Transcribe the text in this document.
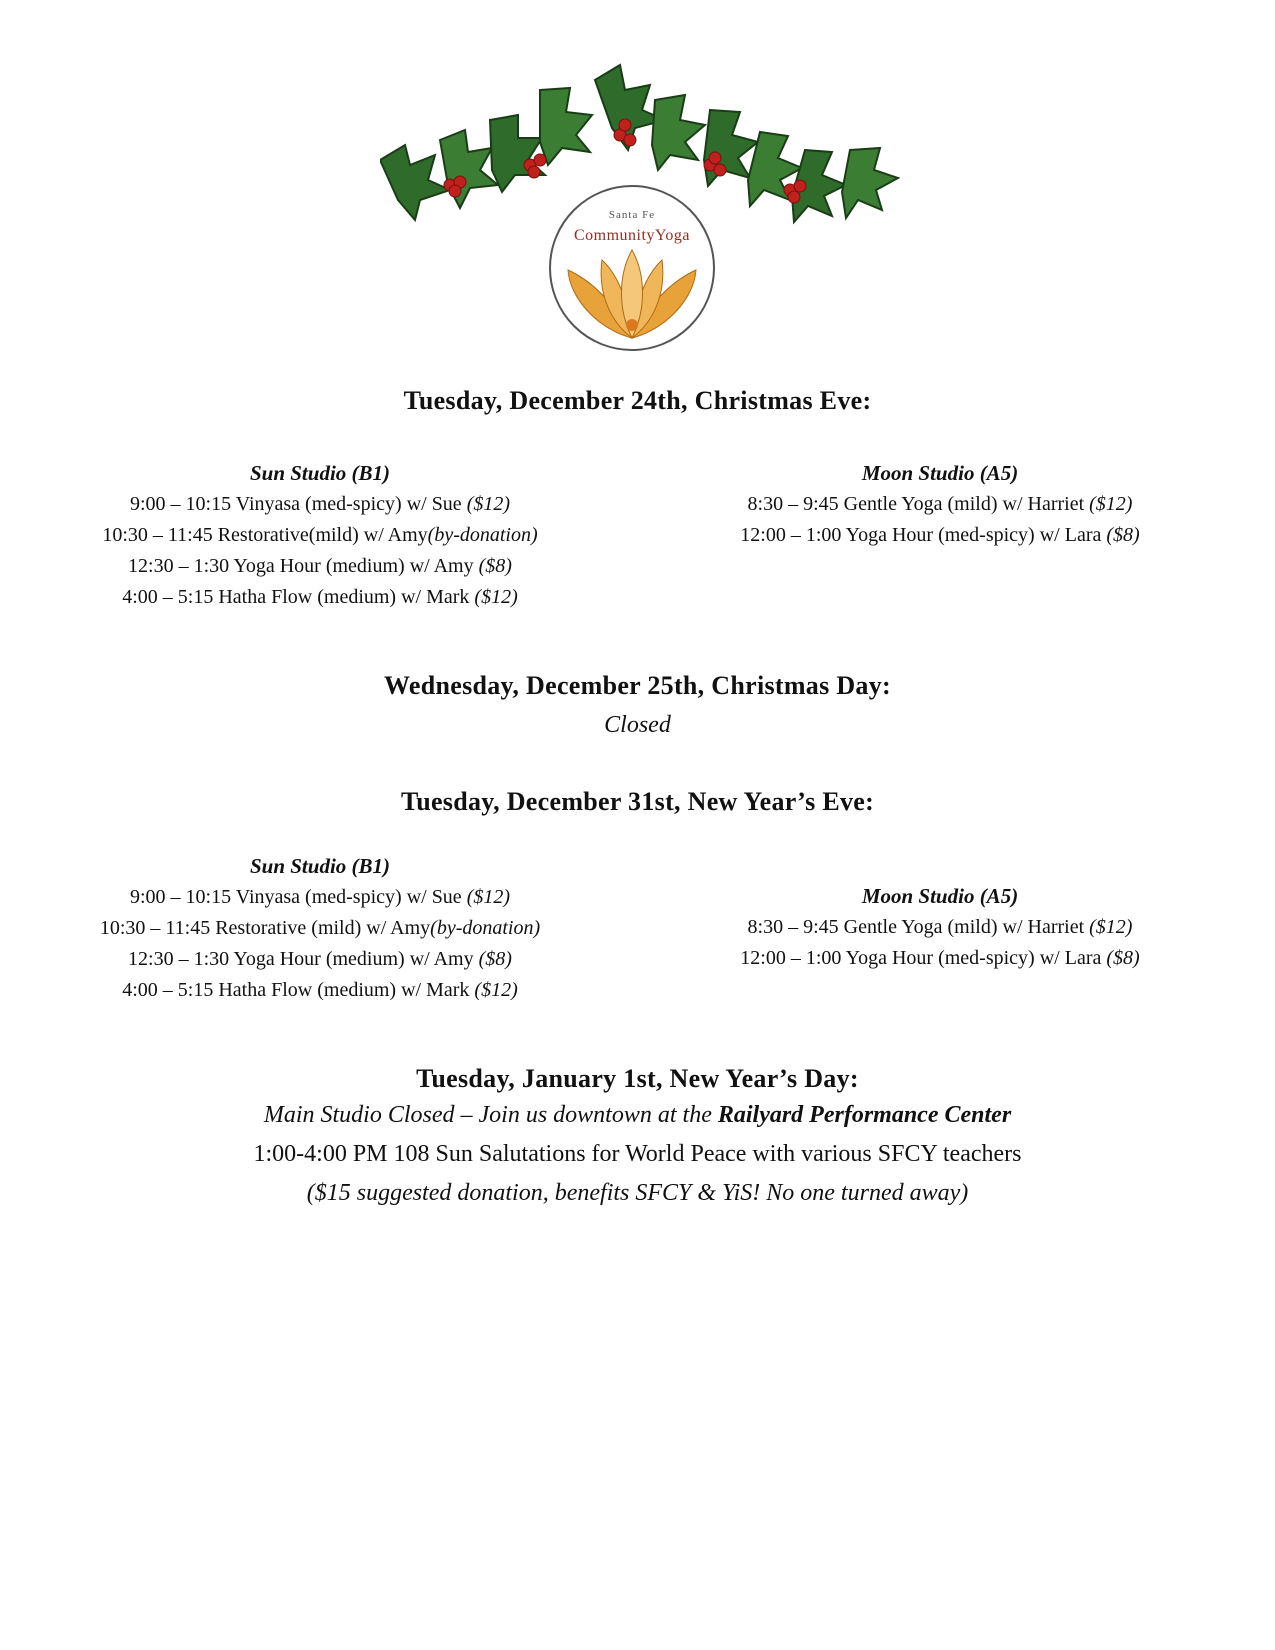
Santa Fe
CommunityYoga
Tuesday, December 24th, Christmas Eve:
Sun Studio (B1)
9:00 – 10:15 Vinyasa (med-spicy) w/ Sue ($12)
10:30 – 11:45 Restorative(mild) w/ Amy(by-donation)
12:30 – 1:30 Yoga Hour (medium) w/ Amy ($8)
4:00 – 5:15 Hatha Flow (medium) w/ Mark ($12)
Moon Studio (A5)
8:30 – 9:45 Gentle Yoga (mild) w/ Harriet ($12)
12:00 – 1:00 Yoga Hour (med-spicy) w/ Lara ($8)
Wednesday, December 25th, Christmas Day:
Closed
Tuesday, December 31st, New Year’s Eve:
Sun Studio (B1)
9:00 – 10:15 Vinyasa (med-spicy) w/ Sue ($12)
10:30 – 11:45 Restorative (mild) w/ Amy(by-donation)
12:30 – 1:30 Yoga Hour (medium) w/ Amy ($8)
4:00 – 5:15 Hatha Flow (medium) w/ Mark ($12)
Moon Studio (A5)
8:30 – 9:45 Gentle Yoga (mild) w/ Harriet ($12)
12:00 – 1:00 Yoga Hour (med-spicy) w/ Lara ($8)
Tuesday, January 1st, New Year’s Day:
Main Studio Closed – Join us downtown at the Railyard Performance Center
1:00-4:00 PM 108 Sun Salutations for World Peace with various SFCY teachers
($15 suggested donation, benefits SFCY & YiS! No one turned away)
